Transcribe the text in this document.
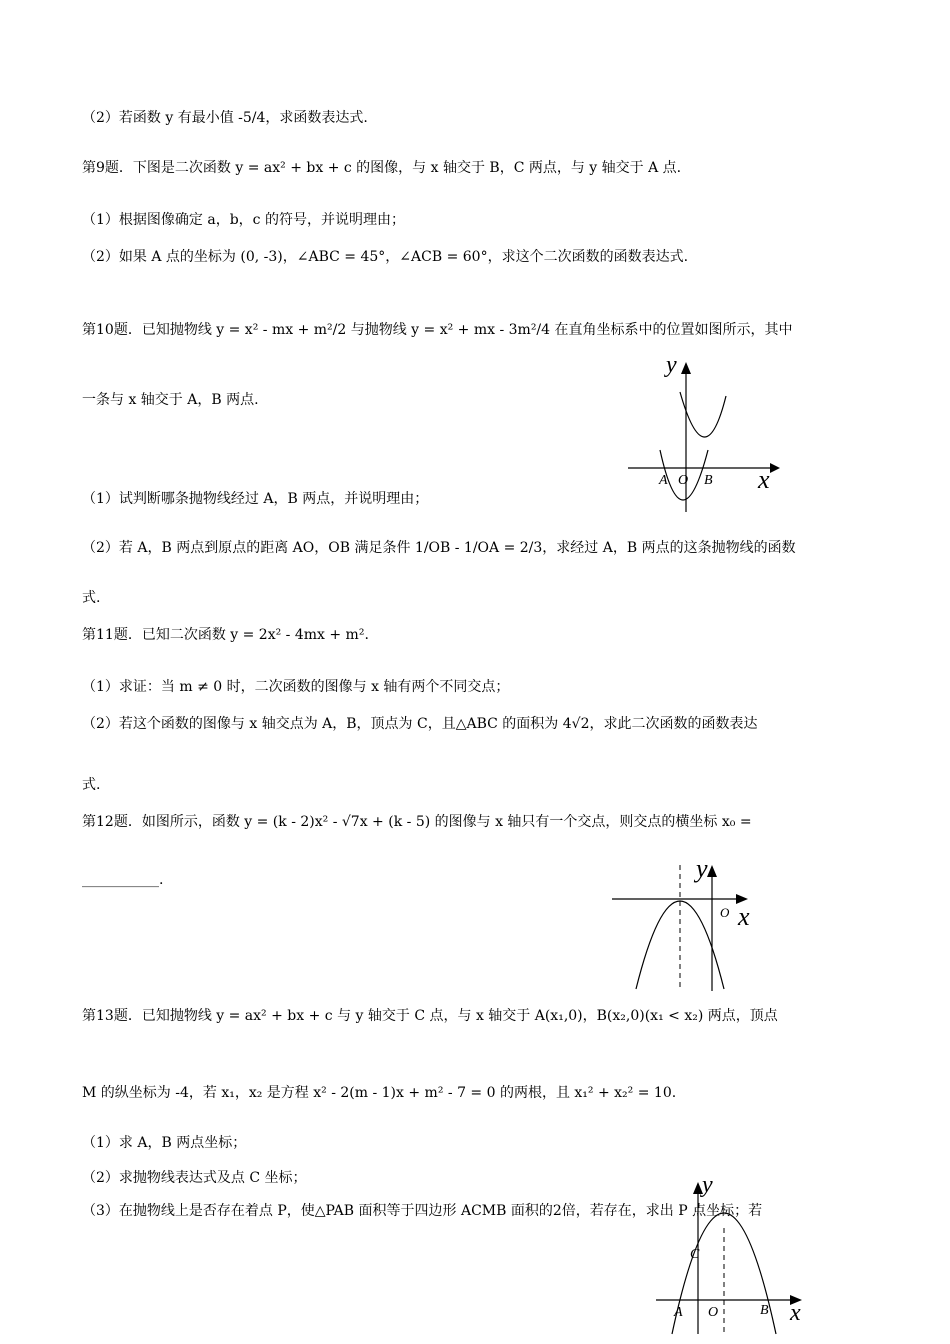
（2）若函数 y 有最小值 -5/4，求函数表达式.
第9题．下图是二次函数 y = ax² + bx + c 的图像，与 x 轴交于 B，C 两点，与 y 轴交于 A 点.
（1）根据图像确定 a，b，c 的符号，并说明理由；
（2）如果 A 点的坐标为 (0, -3)，∠ABC = 45°，∠ACB = 60°，求这个二次函数的函数表达式.
第10题．已知抛物线 y = x² - mx + m²/2 与抛物线 y = x² + mx - 3m²/4 在直角坐标系中的位置如图所示，其中
一条与 x 轴交于 A，B 两点.
（1）试判断哪条抛物线经过 A，B 两点，并说明理由；
（2）若 A，B 两点到原点的距离 AO，OB 满足条件 1/OB - 1/OA = 2/3，求经过 A，B 两点的这条抛物线的函数
式.
第11题．已知二次函数 y = 2x² - 4mx + m².
（1）求证：当 m ≠ 0 时，二次函数的图像与 x 轴有两个不同交点；
（2）若这个函数的图像与 x 轴交点为 A，B，顶点为 C，且△ABC 的面积为 4√2，求此二次函数的函数表达
式.
第12题．如图所示，函数 y = (k - 2)x² - √7x + (k - 5) 的图像与 x 轴只有一个交点，则交点的横坐标 x₀ =
___________.
第13题．已知抛物线 y = ax² + bx + c 与 y 轴交于 C 点，与 x 轴交于 A(x₁,0)，B(x₂,0)(x₁ < x₂) 两点，顶点
M 的纵坐标为 -4，若 x₁，x₂ 是方程 x² - 2(m - 1)x + m² - 7 = 0 的两根，且 x₁² + x₂² = 10.
（1）求 A，B 两点坐标；
（2）求抛物线表达式及点 C 坐标；
（3）在抛物线上是否存在着点 P，使△PAB 面积等于四边形 ACMB 面积的2倍，若存在，求出 P 点坐标；若
y
x
A O B
y
x
O
y
x
C
A O	B
